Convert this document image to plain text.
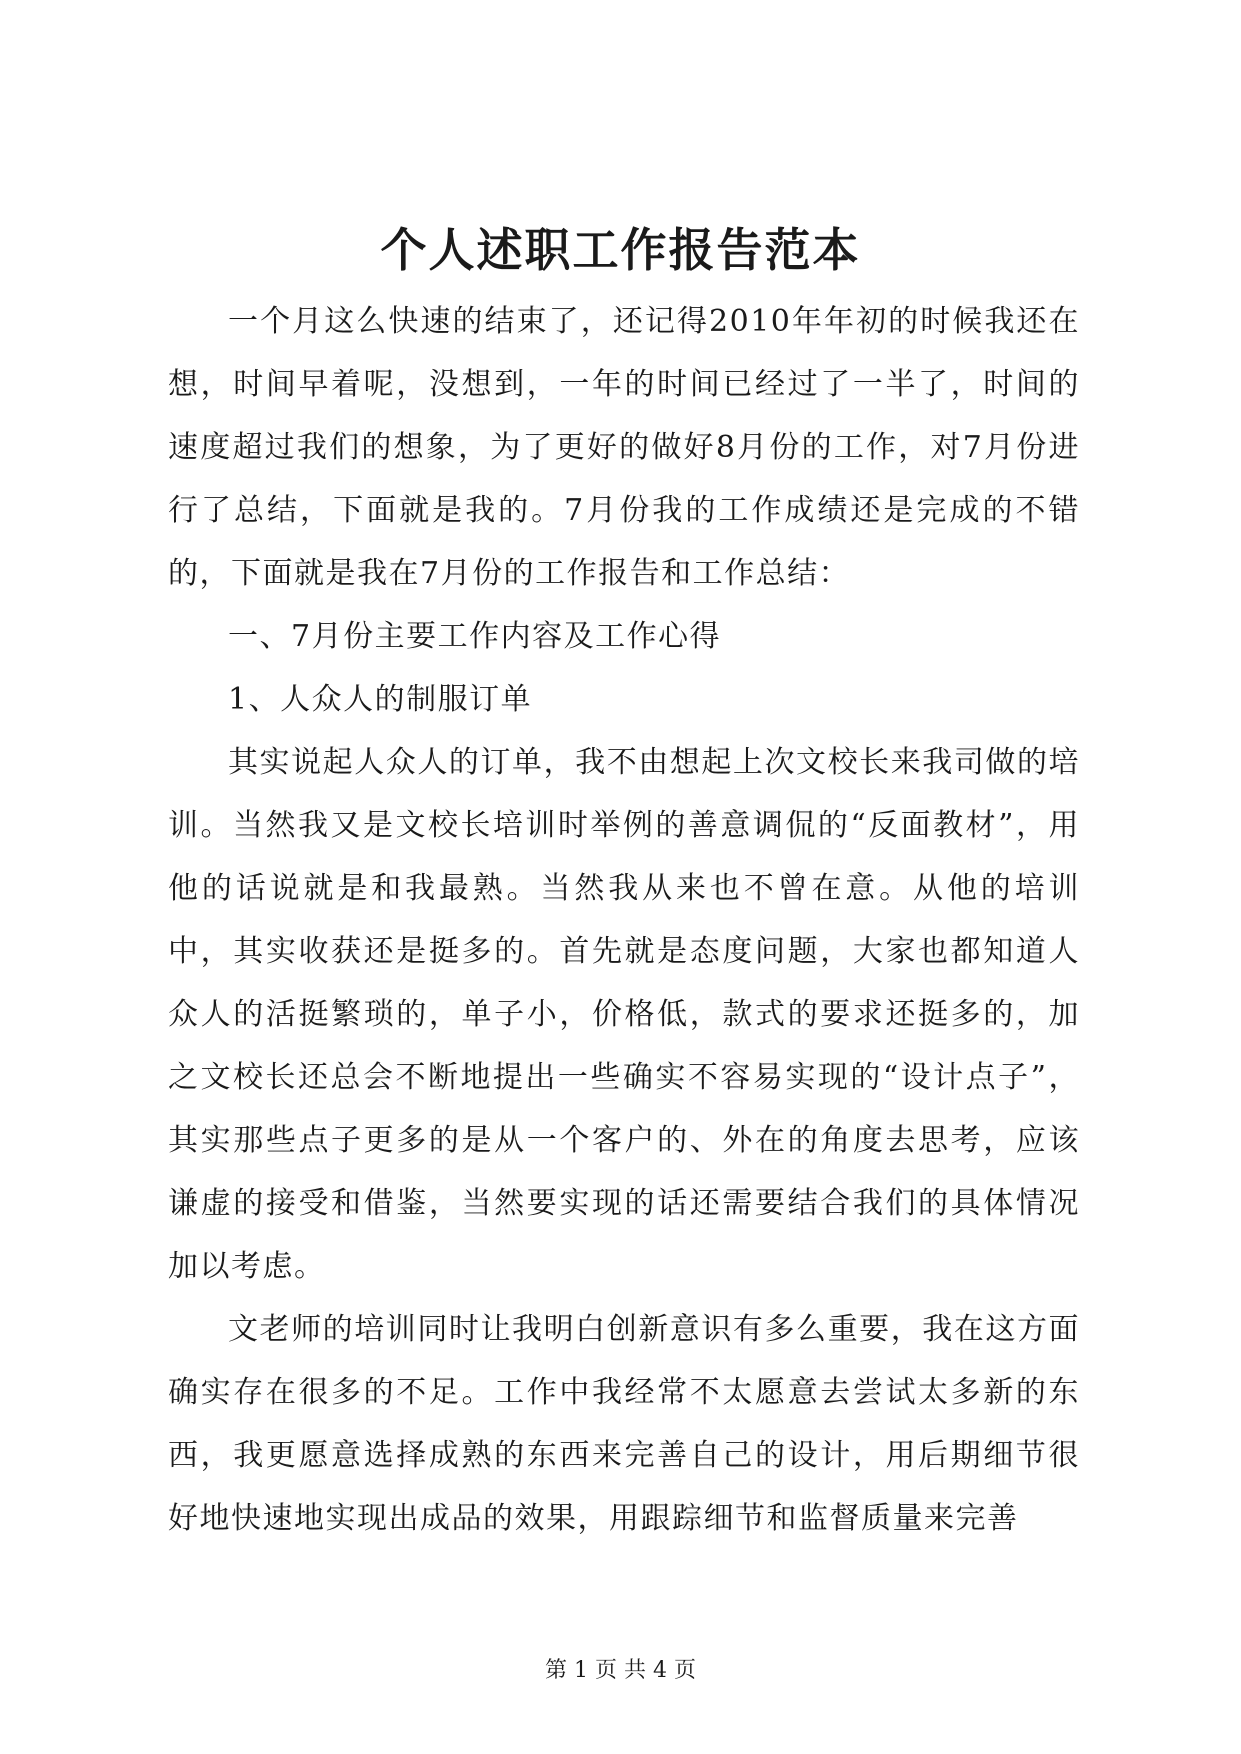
个人述职工作报告范本

一个月这么快速的结束了，还记得2010年年初的时候我还在想，时间早着呢，没想到，一年的时间已经过了一半了，时间的速度超过我们的想象，为了更好的做好8月份的工作，对7月份进行了总结，下面就是我的。7月份我的工作成绩还是完成的不错的，下面就是我在7月份的工作报告和工作总结：

一、7月份主要工作内容及工作心得

1、人众人的制服订单

其实说起人众人的订单，我不由想起上次文校长来我司做的培训。当然我又是文校长培训时举例的善意调侃的“反面教材”，用他的话说就是和我最熟。当然我从来也不曾在意。从他的培训中，其实收获还是挺多的。首先就是态度问题，大家也都知道人众人的活挺繁琐的，单子小，价格低，款式的要求还挺多的，加之文校长还总会不断地提出一些确实不容易实现的“设计点子”，其实那些点子更多的是从一个客户的、外在的角度去思考，应该谦虚的接受和借鉴，当然要实现的话还需要结合我们的具体情况加以考虑。

文老师的培训同时让我明白创新意识有多么重要，我在这方面确实存在很多的不足。工作中我经常不太愿意去尝试太多新的东西，我更愿意选择成熟的东西来完善自己的设计，用后期细节很好地快速地实现出成品的效果，用跟踪细节和监督质量来完善

第 1 页 共 4 页
